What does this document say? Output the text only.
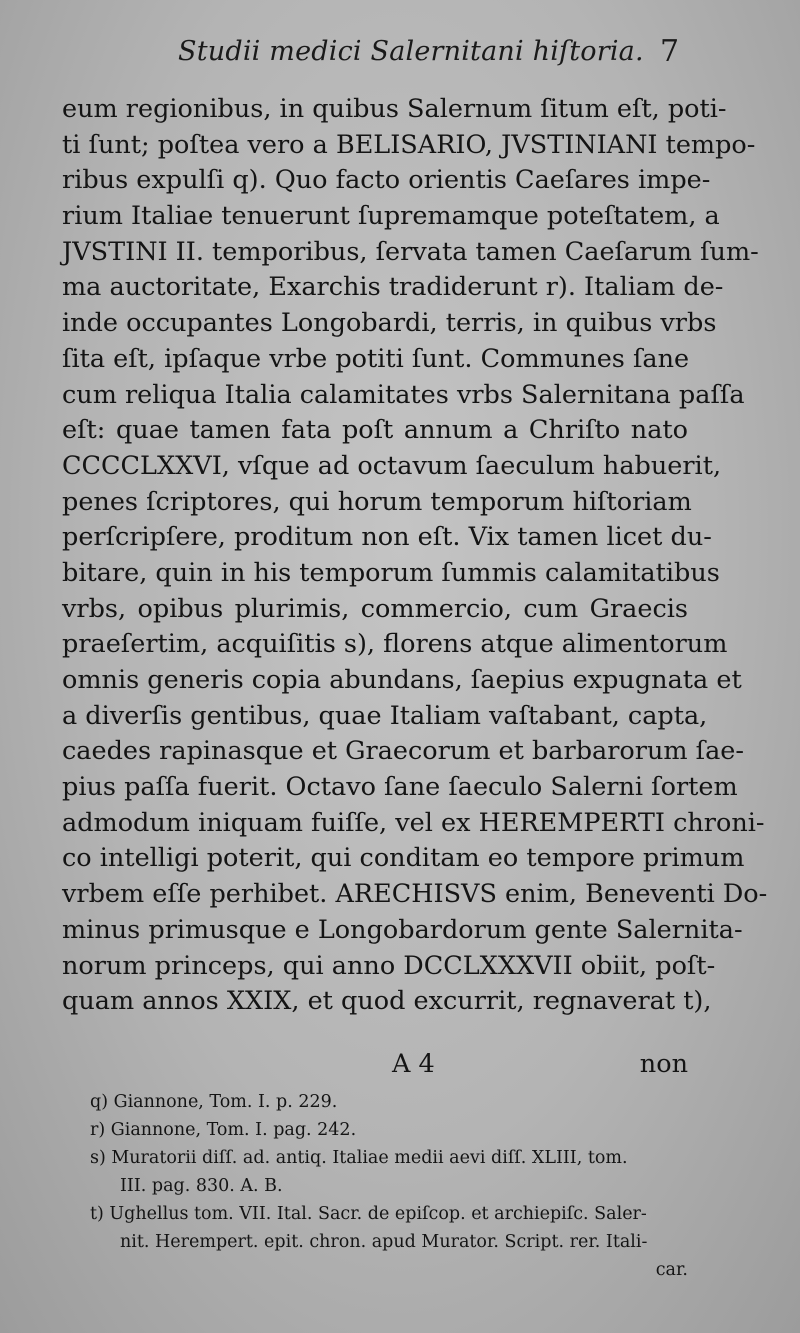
Studii medici Salernitani hiſtoria. 7
eum regionibus, in quibus Salernum ſitum eſt, poti-
ti ſunt; poſtea vero a BELISARIO, JVSTINIANI tempo-
ribus expulſi q). Quo facto orientis Caeſares impe-
rium Italiae tenuerunt ſupremamque poteſtatem, a
JVSTINI II. temporibus, ſervata tamen Caeſarum ſum-
ma auctoritate, Exarchis tradiderunt r). Italiam de-
inde occupantes Longobardi, terris, in quibus vrbs
ſita eſt, ipſaque vrbe potiti ſunt. Communes ſane
cum reliqua Italia calamitates vrbs Salernitana paſſa
eſt: quae tamen fata poſt annum a Chriſto nato
CCCCLXXVI, vſque ad octavum ſaeculum habuerit,
penes ſcriptores, qui horum temporum hiſtoriam
perſcripſere, proditum non eſt. Vix tamen licet du-
bitare, quin in his temporum ſummis calamitatibus
vrbs, opibus plurimis, commercio, cum Graecis
praeſertim, acquiſitis s), florens atque alimentorum
omnis generis copia abundans, ſaepius expugnata et
a diverſis gentibus, quae Italiam vaſtabant, capta,
caedes rapinasque et Graecorum et barbarorum ſae-
pius paſſa fuerit. Octavo ſane ſaeculo Salerni ſortem
admodum iniquam fuiſſe, vel ex HEREMPERTI chroni-
co intelligi poterit, qui conditam eo tempore primum
vrbem eſſe perhibet. ARECHISVS enim, Beneventi Do-
minus primusque e Longobardorum gente Salernita-
norum princeps, qui anno DCCLXXXVII obiit, poſt-
quam annos XXIX, et quod excurrit, regnaverat t),
A 4	non
q) Giannone, Tom. I. p. 229.
r) Giannone, Tom. I. pag. 242.
s) Muratorii diſſ. ad. antiq. Italiae medii aevi diſſ. XLIII, tom.
III. pag. 830. A. B.
t) Ughellus tom. VII. Ital. Sacr. de epiſcop. et archiepiſc. Saler-
nit. Herempert. epit. chron. apud Murator. Script. rer. Itali-
car.
